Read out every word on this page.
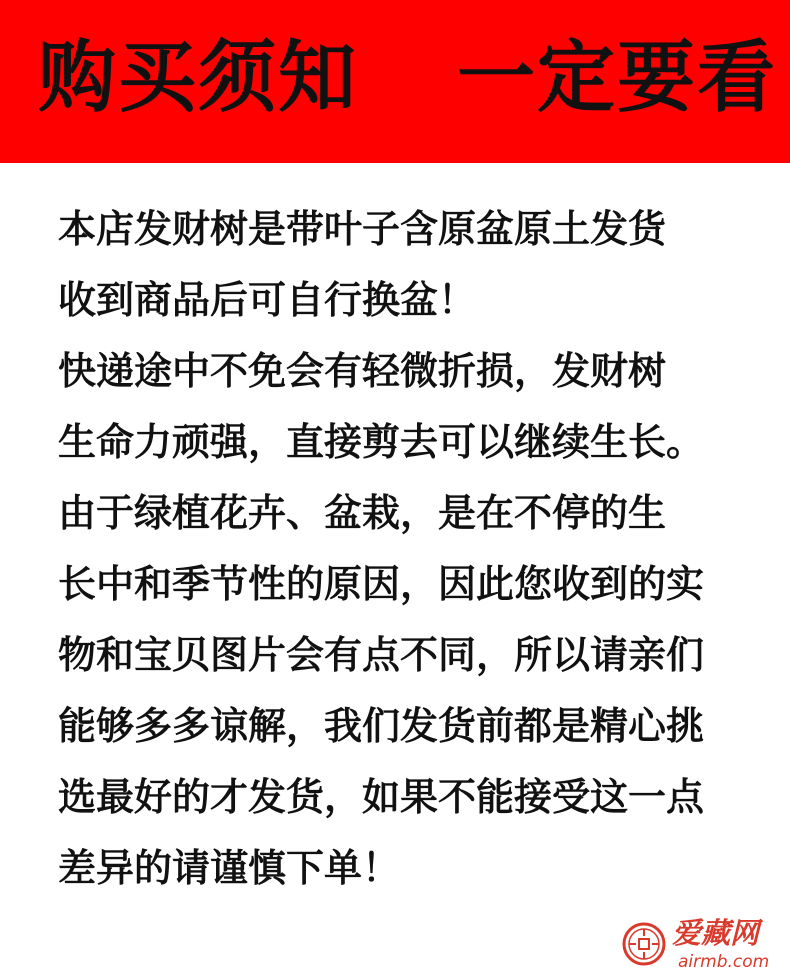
购买须知 一定要看
本店发财树是带叶子含原盆原土发货
收到商品后可自行换盆！
快递途中不免会有轻微折损，发财树
生命力顽强，直接剪去可以继续生长。
由于绿植花卉、盆栽，是在不停的生
长中和季节性的原因，因此您收到的实
物和宝贝图片会有点不同，所以请亲们
能够多多谅解，我们发货前都是精心挑
选最好的才发货，如果不能接受这一点
差异的请谨慎下单！
爱藏网
airmb.com
